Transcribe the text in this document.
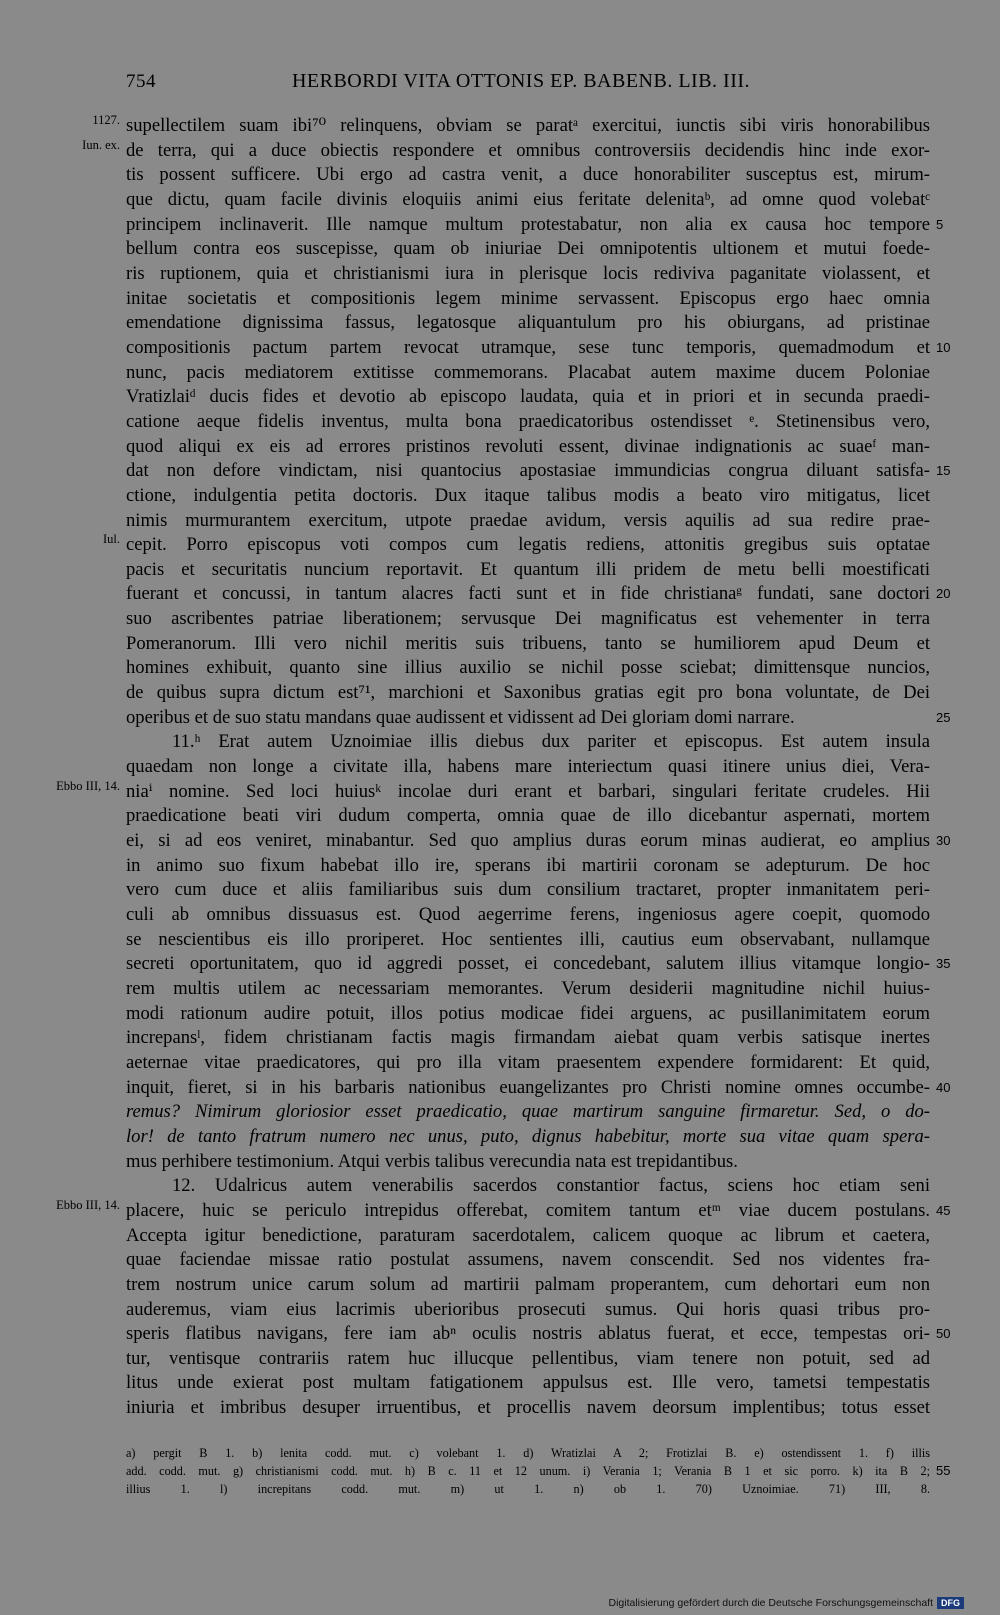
754	HERBORDI VITA OTTONIS EP. BABENB. LIB. III.
supellectilem suam ibi⁷⁰ relinquens, obviam se paratᵃ exercitui, iunctis sibi viris honorabilibus
1127.
de terra, qui a duce obiectis respondere et omnibus controversiis decidendis hinc inde exor-
Iun. ex.
tis possent sufficere. Ubi ergo ad castra venit, a duce honorabiliter susceptus est, mirum-
que dictu, quam facile divinis eloquiis animi eius feritate delenitaᵇ, ad omne quod volebatᶜ
principem inclinaverit. Ille namque multum protestabatur, non alia ex causa hoc tempore 5
bellum contra eos suscepisse, quam ob iniuriae Dei omnipotentis ultionem et mutui foede-
ris ruptionem, quia et christianismi iura in plerisque locis rediviva paganitate violassent, et
initae societatis et compositionis legem minime servassent. Episcopus ergo haec omnia
emendatione dignissima fassus, legatosque aliquantulum pro his obiurgans, ad pristinae
compositionis pactum partem revocat utramque, sese tunc temporis, quemadmodum et 10
nunc, pacis mediatorem extitisse commemorans. Placabat autem maxime ducem Poloniae
Vratizlaiᵈ ducis fides et devotio ab episcopo laudata, quia et in priori et in secunda praedi-
catione aeque fidelis inventus, multa bona praedicatoribus ostendisset ᵉ. Stetinensibus vero,
quod aliqui ex eis ad errores pristinos revoluti essent, divinae indignationis ac suaeᶠ man-
dat non defore vindictam, nisi quantocius apostasiae immundicias congrua diluant satisfa- 15
ctione, indulgentia petita doctoris. Dux itaque talibus modis a beato viro mitigatus, licet
nimis murmurantem exercitum, utpote praedae avidum, versis aquilis ad sua redire prae-
cepit. Porro episcopus voti compos cum legatis rediens, attonitis gregibus suis optatae
Iul.
pacis et securitatis nuncium reportavit. Et quantum illi pridem de metu belli moestificati
fuerant et concussi, in tantum alacres facti sunt et in fide christianaᵍ fundati, sane doctori 20
suo ascribentes patriae liberationem; servusque Dei magnificatus est vehementer in terra
Pomeranorum. Illi vero nichil meritis suis tribuens, tanto se humiliorem apud Deum et
homines exhibuit, quanto sine illius auxilio se nichil posse sciebat; dimittensque nuncios,
de quibus supra dictum est⁷¹, marchioni et Saxonibus gratias egit pro bona voluntate, de Dei
operibus et de suo statu mandans quae audissent et vidissent ad Dei gloriam domi narrare.	25
11.ʰ Erat autem Uznoimiae illis diebus dux pariter et episcopus. Est autem insula
quaedam non longe a civitate illa, habens mare interiectum quasi itinere unius diei, Vera-
niaⁱ nomine. Sed loci huiusᵏ incolae duri erant et barbari, singulari feritate crudeles. Hii
Ebbo III, 14.
praedicatione beati viri dudum comperta, omnia quae de illo dicebantur aspernati, mortem
ei, si ad eos veniret, minabantur. Sed quo amplius duras eorum minas audierat, eo amplius 30
in animo suo fixum habebat illo ire, sperans ibi martirii coronam se adepturum. De hoc
vero cum duce et aliis familiaribus suis dum consilium tractaret, propter inmanitatem peri-
culi ab omnibus dissuasus est. Quod aegerrime ferens, ingeniosus agere coepit, quomodo
se nescientibus eis illo proriperet. Hoc sentientes illi, cautius eum observabant, nullamque
secreti oportunitatem, quo id aggredi posset, ei concedebant, salutem illius vitamque longio- 35
rem multis utilem ac necessariam memorantes. Verum desiderii magnitudine nichil huius-
modi rationum audire potuit, illos potius modicae fidei arguens, ac pusillanimitatem eorum
increpansˡ, fidem christianam factis magis firmandam aiebat quam verbis satisque inertes
aeternae vitae praedicatores, qui pro illa vitam praesentem expendere formidarent: Et quid,
inquit, fieret, si in his barbaris nationibus euangelizantes pro Christi nomine omnes occumbe- 40
remus? Nimirum gloriosior esset praedicatio, quae martirum sanguine firmaretur. Sed, o do-
lor! de tanto fratrum numero nec unus, puto, dignus habebitur, morte sua vitae quam spera-
mus perhibere testimonium. Atqui verbis talibus verecundia nata est trepidantibus.
12. Udalricus autem venerabilis sacerdos constantior factus, sciens hoc etiam seni
placere, huic se periculo intrepidus offerebat, comitem tantum etᵐ viae ducem postulans.
Ebbo III, 14.	45
Accepta igitur benedictione, paraturam sacerdotalem, calicem quoque ac librum et caetera,
quae faciendae missae ratio postulat assumens, navem conscendit. Sed nos videntes fra-
trem nostrum unice carum solum ad martirii palmam properantem, cum dehortari eum non
auderemus, viam eius lacrimis uberioribus prosecuti sumus. Qui horis quasi tribus pro-
speris flatibus navigans, fere iam abⁿ oculis nostris ablatus fuerat, et ecce, tempestas ori- 50
tur, ventisque contrariis ratem huc illucque pellentibus, viam tenere non potuit, sed ad
litus unde exierat post multam fatigationem appulsus est. Ille vero, tametsi tempestatis
iniuria et imbribus desuper irruentibus, et procellis navem deorsum implentibus; totus esset
a) pergit B 1. b) lenita codd. mut. c) volebant 1. d) Wratizlai A 2; Frotizlai B. e) ostendissent 1. f) illis
add. codd. mut. g) christianismi codd. mut. h) B c. 11 et 12 unum. i) Verania 1; Verania B 1 et sic porro. k) ita B 2; 55
illius 1. l) increpitans codd. mut. m) ut 1. n) ob 1. 70) Uznoimiae. 71) III, 8.
Digitalisierung gefördert durch die Deutsche Forschungsgemeinschaft DFG
